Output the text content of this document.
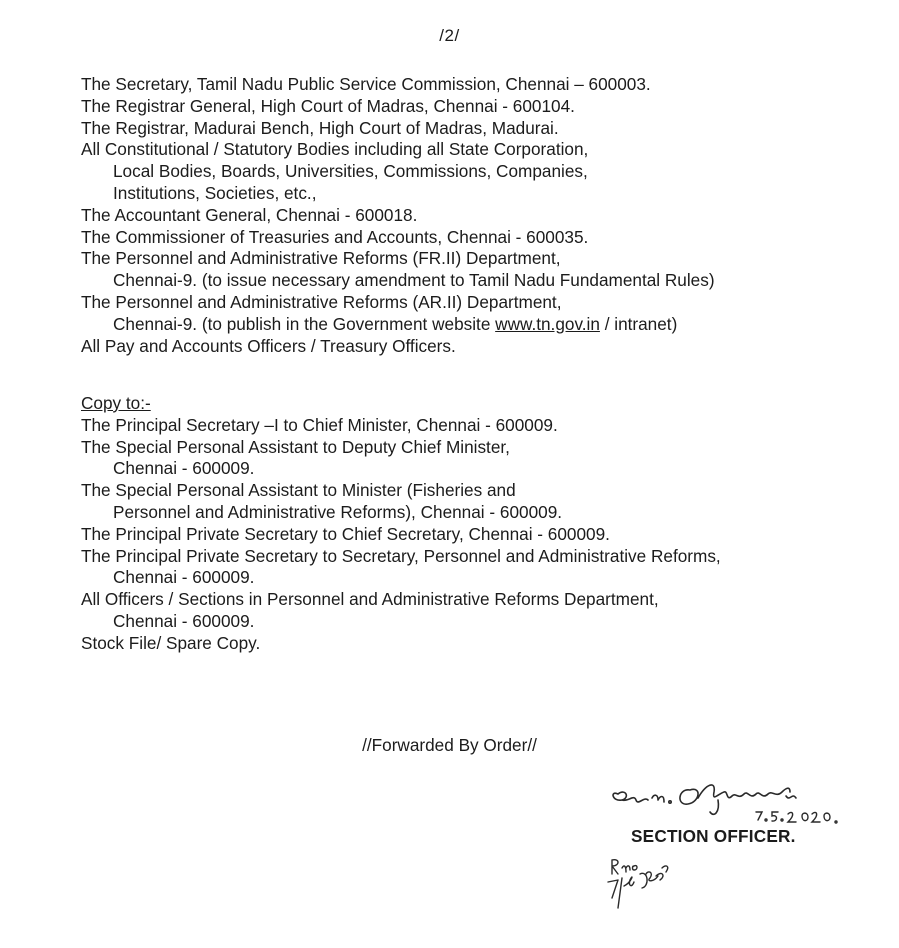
/2/
The Secretary, Tamil Nadu Public Service Commission, Chennai – 600003.
The Registrar General, High Court of Madras, Chennai - 600104.
The Registrar, Madurai Bench, High Court of Madras, Madurai.
All Constitutional / Statutory Bodies including all State Corporation,
Local Bodies, Boards, Universities, Commissions, Companies,
Institutions, Societies, etc.,
The Accountant General, Chennai - 600018.
The Commissioner of Treasuries and Accounts, Chennai - 600035.
The Personnel and Administrative Reforms (FR.II) Department,
Chennai-9. (to issue necessary amendment to Tamil Nadu Fundamental Rules)
The Personnel and Administrative Reforms (AR.II) Department,
Chennai-9. (to publish in the Government website www.tn.gov.in / intranet)
All Pay and Accounts Officers / Treasury Officers.
Copy to:-
The Principal Secretary –I to Chief Minister, Chennai - 600009.
The Special Personal Assistant to Deputy Chief Minister,
Chennai - 600009.
The Special Personal Assistant to Minister (Fisheries and
Personnel and Administrative Reforms), Chennai - 600009.
The Principal Private Secretary to Chief Secretary, Chennai - 600009.
The Principal Private Secretary to Secretary, Personnel and Administrative Reforms,
Chennai - 600009.
All Officers / Sections in Personnel and Administrative Reforms Department,
Chennai - 600009.
Stock File/ Spare Copy.
//Forwarded By Order//
SECTION OFFICER.
